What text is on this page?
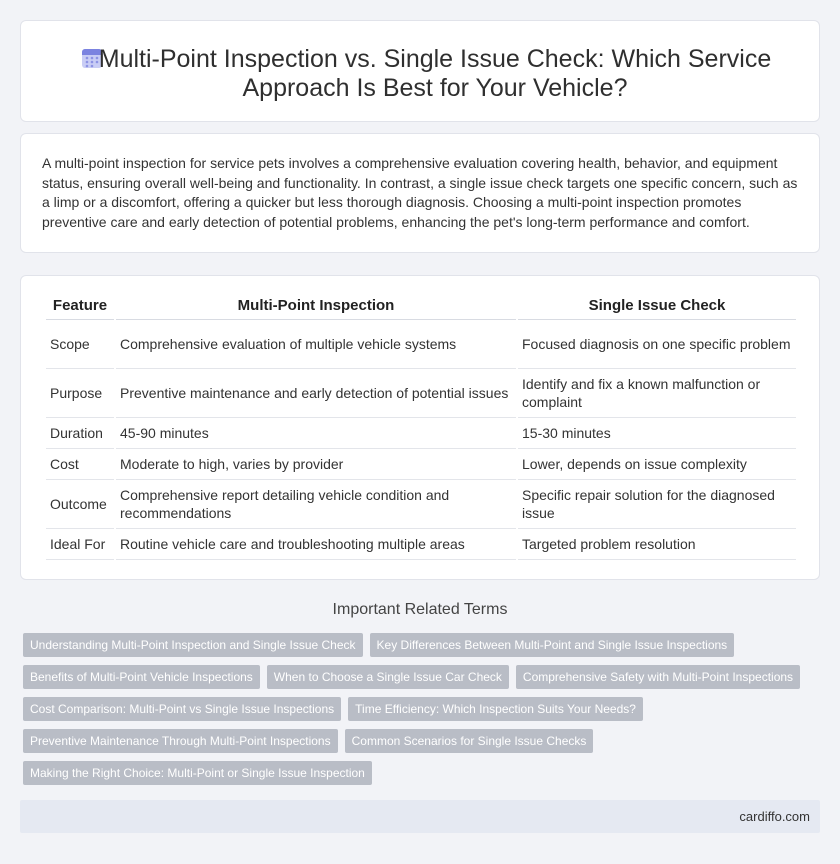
Multi-Point Inspection vs. Single Issue Check: Which Service
Approach Is Best for Your Vehicle?

A multi-point inspection for service pets involves a comprehensive evaluation covering health, behavior, and equipment status, ensuring overall well-being and functionality. In contrast, a single issue check targets one specific concern, such as a limp or a discomfort, offering a quicker but less thorough diagnosis. Choosing a multi-point inspection promotes preventive care and early detection of potential problems, enhancing the pet's long-term performance and comfort.

Feature	Multi-Point Inspection	Single Issue Check
Scope	Comprehensive evaluation of multiple vehicle systems	Focused diagnosis on one specific problem
Purpose	Preventive maintenance and early detection of potential issues	Identify and fix a known malfunction or complaint
Duration	45-90 minutes	15-30 minutes
Cost	Moderate to high, varies by provider	Lower, depends on issue complexity
Outcome	Comprehensive report detailing vehicle condition and recommendations	Specific repair solution for the diagnosed issue
Ideal For	Routine vehicle care and troubleshooting multiple areas	Targeted problem resolution
Important Related Terms
Understanding Multi-Point Inspection and Single Issue Check	Key Differences Between Multi-Point and Single Issue Inspections
Benefits of Multi-Point Vehicle Inspections	When to Choose a Single Issue Car Check	Comprehensive Safety with Multi-Point Inspections
Cost Comparison: Multi-Point vs Single Issue Inspections	Time Efficiency: Which Inspection Suits Your Needs?
Preventive Maintenance Through Multi-Point Inspections	Common Scenarios for Single Issue Checks
Making the Right Choice: Multi-Point or Single Issue Inspection
cardiffo.com
